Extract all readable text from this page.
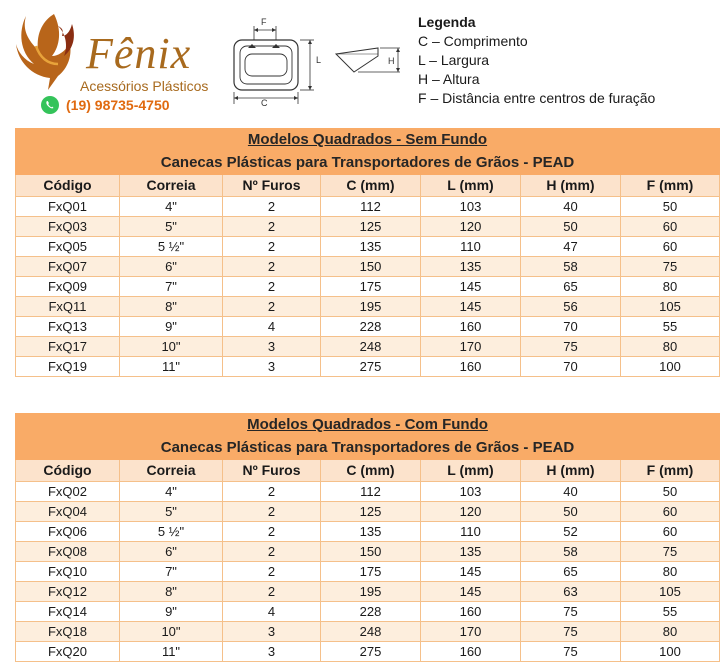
Fênix
Acessórios Plásticos
(19) 98735-4750
F
L
C
H
Legenda
C – Comprimento
L – Largura
H – Altura
F – Distância entre centros de furação
Modelos Quadrados - Sem Fundo						
Canecas Plásticas para Transportadores de Grãos - PEAD						
Código	Correia	Nº Furos	C (mm)	L (mm)	H (mm)	F (mm)
FxQ01	4"	2	112	103	40	50
FxQ03	5"	2	125	120	50	60
FxQ05	5 ½"	2	135	110	47	60
FxQ07	6"	2	150	135	58	75
FxQ09	7"	2	175	145	65	80
FxQ11	8"	2	195	145	56	105
FxQ13	9"	4	228	160	70	55
FxQ17	10"	3	248	170	75	80
FxQ19	11"	3	275	160	70	100
Modelos Quadrados - Com Fundo						
Canecas Plásticas para Transportadores de Grãos - PEAD						
Código	Correia	Nº Furos	C (mm)	L (mm)	H (mm)	F (mm)
FxQ02	4"	2	112	103	40	50
FxQ04	5"	2	125	120	50	60
FxQ06	5 ½"	2	135	110	52	60
FxQ08	6"	2	150	135	58	75
FxQ10	7"	2	175	145	65	80
FxQ12	8"	2	195	145	63	105
FxQ14	9"	4	228	160	75	55
FxQ18	10"	3	248	170	75	80
FxQ20	11"	3	275	160	75	100
